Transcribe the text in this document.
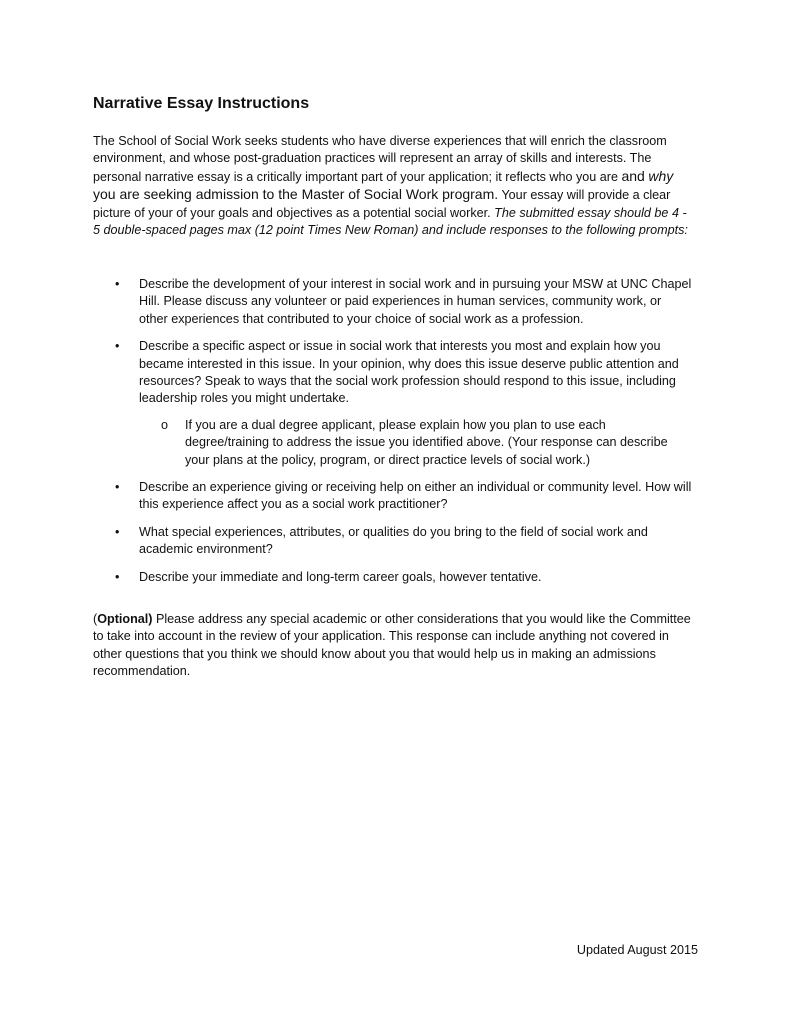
Narrative Essay Instructions

The School of Social Work seeks students who have diverse experiences that will enrich the classroom environment, and whose post-graduation practices will represent an array of skills and interests. The personal narrative essay is a critically important part of your application; it reflects who you are and why you are seeking admission to the Master of Social Work program. Your essay will provide a clear picture of your of your goals and objectives as a potential social worker. The submitted essay should be 4 - 5 double-spaced pages max (12 point Times New Roman) and include responses to the following prompts:

• Describe the development of your interest in social work and in pursuing your MSW at UNC Chapel Hill. Please discuss any volunteer or paid experiences in human services, community work, or other experiences that contributed to your choice of social work as a profession.
• Describe a specific aspect or issue in social work that interests you most and explain how you became interested in this issue. In your opinion, why does this issue deserve public attention and resources? Speak to ways that the social work profession should respond to this issue, including leadership roles you might undertake.
o If you are a dual degree applicant, please explain how you plan to use each degree/training to address the issue you identified above. (Your response can describe your plans at the policy, program, or direct practice levels of social work.)
• Describe an experience giving or receiving help on either an individual or community level. How will this experience affect you as a social work practitioner?
• What special experiences, attributes, or qualities do you bring to the field of social work and academic environment?
• Describe your immediate and long-term career goals, however tentative.

(Optional) Please address any special academic or other considerations that you would like the Committee to take into account in the review of your application. This response can include anything not covered in other questions that you think we should know about you that would help us in making an admissions recommendation.

Updated August 2015
